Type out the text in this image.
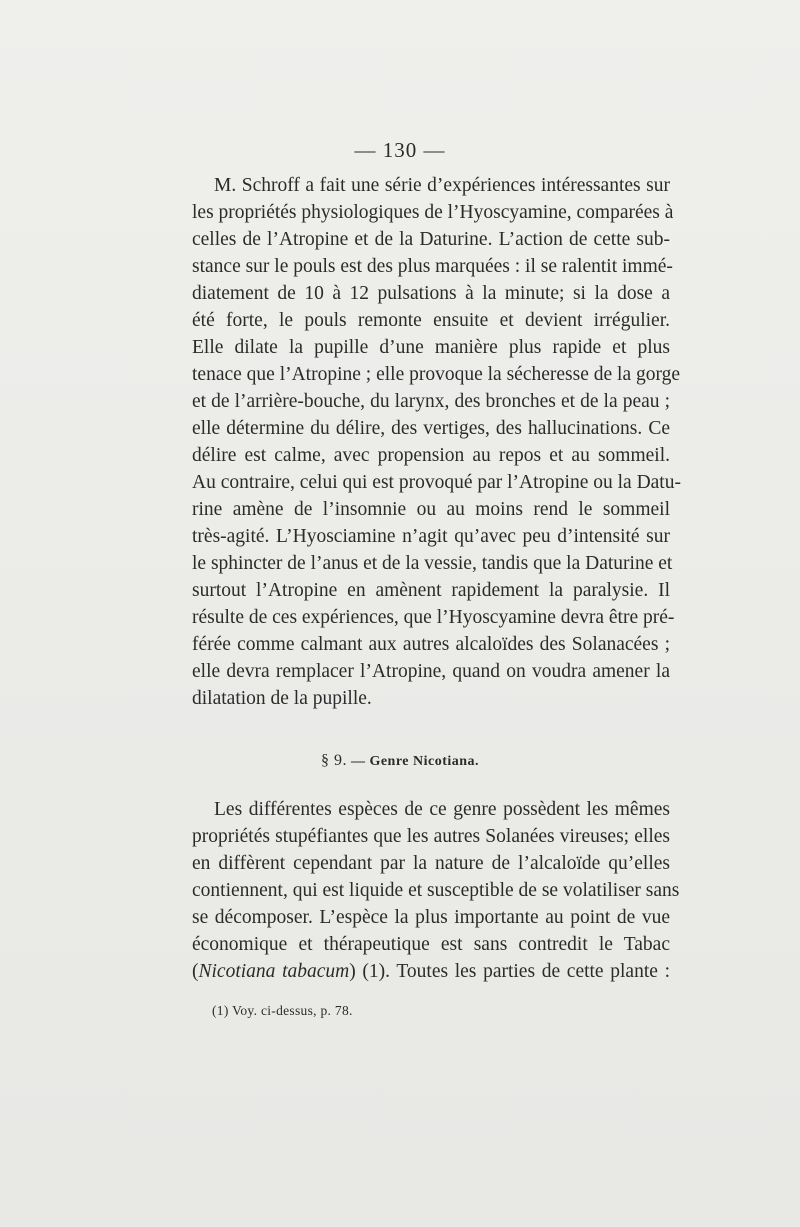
— 130 —
M. Schroff a fait une série d’expériences intéressantes sur
les propriétés physiologiques de l’Hyoscyamine, comparées à
celles de l’Atropine et de la Daturine. L’action de cette sub-
stance sur le pouls est des plus marquées : il se ralentit immé-
diatement de 10 à 12 pulsations à la minute; si la dose a
été forte, le pouls remonte ensuite et devient irrégulier.
Elle dilate la pupille d’une manière plus rapide et plus
tenace que l’Atropine ; elle provoque la sécheresse de la gorge
et de l’arrière-bouche, du larynx, des bronches et de la peau ;
elle détermine du délire, des vertiges, des hallucinations. Ce
délire est calme, avec propension au repos et au sommeil.
Au contraire, celui qui est provoqué par l’Atropine ou la Datu-
rine amène de l’insomnie ou au moins rend le sommeil
très-agité. L’Hyosciamine n’agit qu’avec peu d’intensité sur
le sphincter de l’anus et de la vessie, tandis que la Daturine et
surtout l’Atropine en amènent rapidement la paralysie. Il
résulte de ces expériences, que l’Hyoscyamine devra être pré-
férée comme calmant aux autres alcaloïdes des Solanacées ;
elle devra remplacer l’Atropine, quand on voudra amener la
dilatation de la pupille.
§ 9. — Genre Nicotiana.
Les différentes espèces de ce genre possèdent les mêmes
propriétés stupéfiantes que les autres Solanées vireuses; elles
en diffèrent cependant par la nature de l’alcaloïde qu’elles
contiennent, qui est liquide et susceptible de se volatiliser sans
se décomposer. L’espèce la plus importante au point de vue
économique et thérapeutique est sans contredit le Tabac
(Nicotiana tabacum) (1). Toutes les parties de cette plante :
(1) Voy. ci-dessus, p. 78.
